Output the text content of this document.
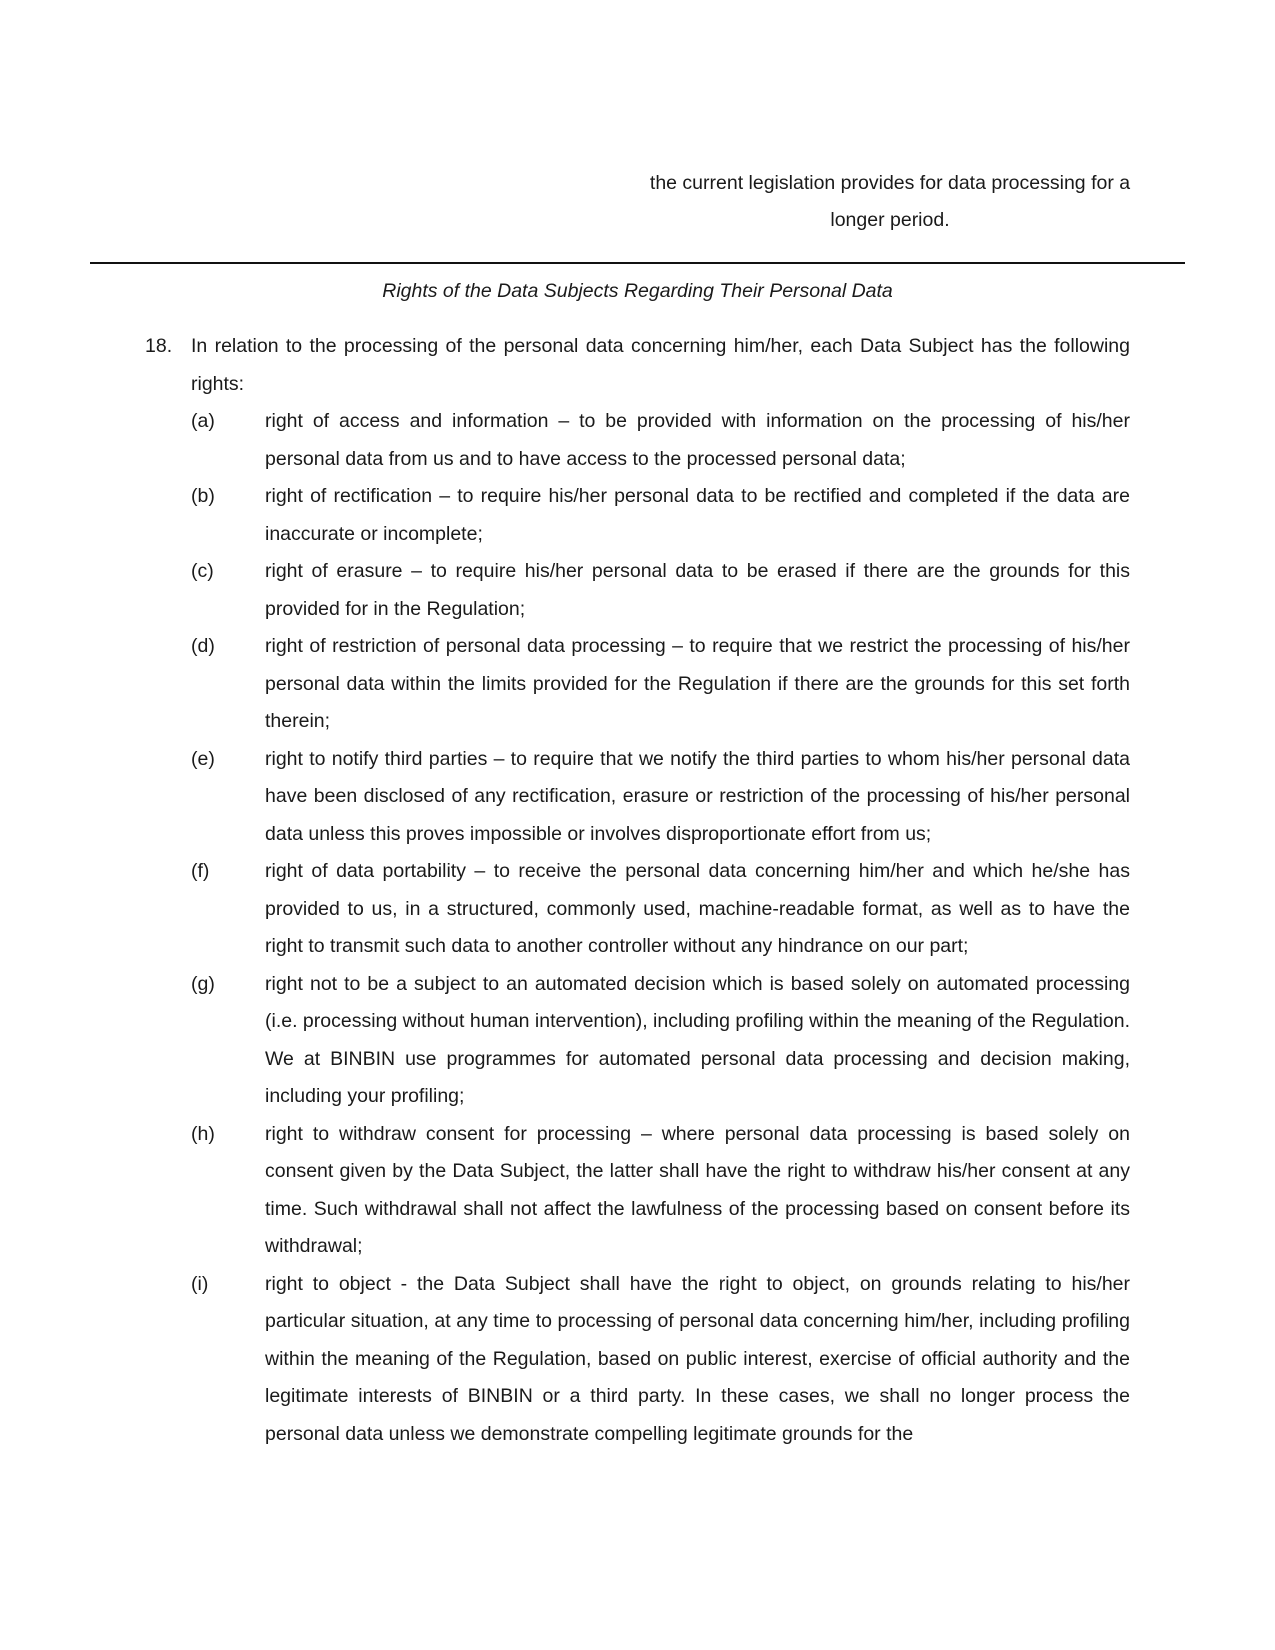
the current legislation provides for data processing for a
longer period.
Rights of the Data Subjects Regarding Their Personal Data
18. In relation to the processing of the personal data concerning him/her, each Data Subject has the following rights:
(a)	right of access and information – to be provided with information on the processing of his/her personal data from us and to have access to the processed personal data;
(b)	right of rectification – to require his/her personal data to be rectified and completed if the data are inaccurate or incomplete;
(c)	right of erasure – to require his/her personal data to be erased if there are the grounds for this provided for in the Regulation;
(d)	right of restriction of personal data processing – to require that we restrict the processing of his/her personal data within the limits provided for the Regulation if there are the grounds for this set forth therein;
(e)	right to notify third parties – to require that we notify the third parties to whom his/her personal data have been disclosed of any rectification, erasure or restriction of the processing of his/her personal data unless this proves impossible or involves disproportionate effort from us;
(f)	right of data portability – to receive the personal data concerning him/her and which he/she has provided to us, in a structured, commonly used, machine-readable format, as well as to have the right to transmit such data to another controller without any hindrance on our part;
(g)	right not to be a subject to an automated decision which is based solely on automated processing (i.e. processing without human intervention), including profiling within the meaning of the Regulation. We at BINBIN use programmes for automated personal data processing and decision making, including your profiling;
(h)	right to withdraw consent for processing – where personal data processing is based solely on consent given by the Data Subject, the latter shall have the right to withdraw his/her consent at any time. Such withdrawal shall not affect the lawfulness of the processing based on consent before its withdrawal;
(i)	right to object - the Data Subject shall have the right to object, on grounds relating to his/her particular situation, at any time to processing of personal data concerning him/her, including profiling within the meaning of the Regulation, based on public interest, exercise of official authority and the legitimate interests of BINBIN or a third party. In these cases, we shall no longer process the personal data unless we demonstrate compelling legitimate grounds for the
